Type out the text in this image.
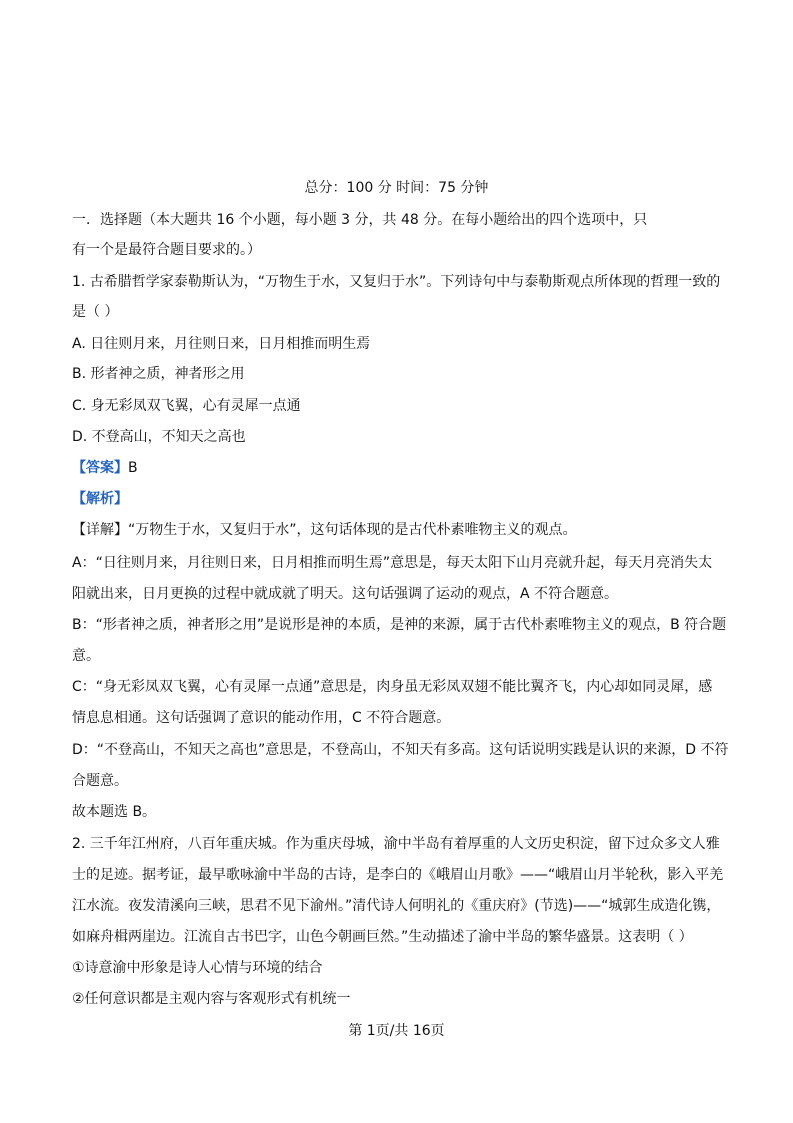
总分：100 分 时间：75 分钟
一．选择题（本大题共 16 个小题，每小题 3 分，共 48 分。在每小题给出的四个选项中，只
有一个是最符合题目要求的。）
1. 古希腊哲学家泰勒斯认为，“万物生于水，又复归于水”。下列诗句中与泰勒斯观点所体现的哲理一致的
是（ ）
A. 日往则月来，月往则日来，日月相推而明生焉
B. 形者神之质，神者形之用
C. 身无彩凤双飞翼，心有灵犀一点通
D. 不登高山，不知天之高也
【答案】B
【解析】
【详解】“万物生于水，又复归于水”，这句话体现的是古代朴素唯物主义的观点。
A：“日往则月来，月往则日来，日月相推而明生焉”意思是，每天太阳下山月亮就升起，每天月亮消失太
阳就出来，日月更换的过程中就成就了明天。这句话强调了运动的观点，A 不符合题意。
B：“形者神之质，神者形之用”是说形是神的本质，是神的来源，属于古代朴素唯物主义的观点，B 符合题
意。
C：“身无彩凤双飞翼，心有灵犀一点通”意思是，肉身虽无彩凤双翅不能比翼齐飞，内心却如同灵犀，感
情息息相通。这句话强调了意识的能动作用，C 不符合题意。
D：“不登高山，不知天之高也”意思是，不登高山，不知天有多高。这句话说明实践是认识的来源，D 不符
合题意。
故本题选 B。
2. 三千年江州府，八百年重庆城。作为重庆母城，渝中半岛有着厚重的人文历史积淀，留下过众多文人雅
士的足迹。据考证，最早歌咏渝中半岛的古诗，是李白的《峨眉山月歌》——“峨眉山月半轮秋，影入平羌
江水流。夜发清溪向三峡，思君不见下渝州。”清代诗人何明礼的《重庆府》(节选)——“城郭生成造化镌，
如麻舟楫两崖边。江流自古书巴字，山色今朝画巨然。”生动描述了渝中半岛的繁华盛景。这表明（ ）
①诗意渝中形象是诗人心情与环境的结合
②任何意识都是主观内容与客观形式有机统一
第 1页/共 16页
